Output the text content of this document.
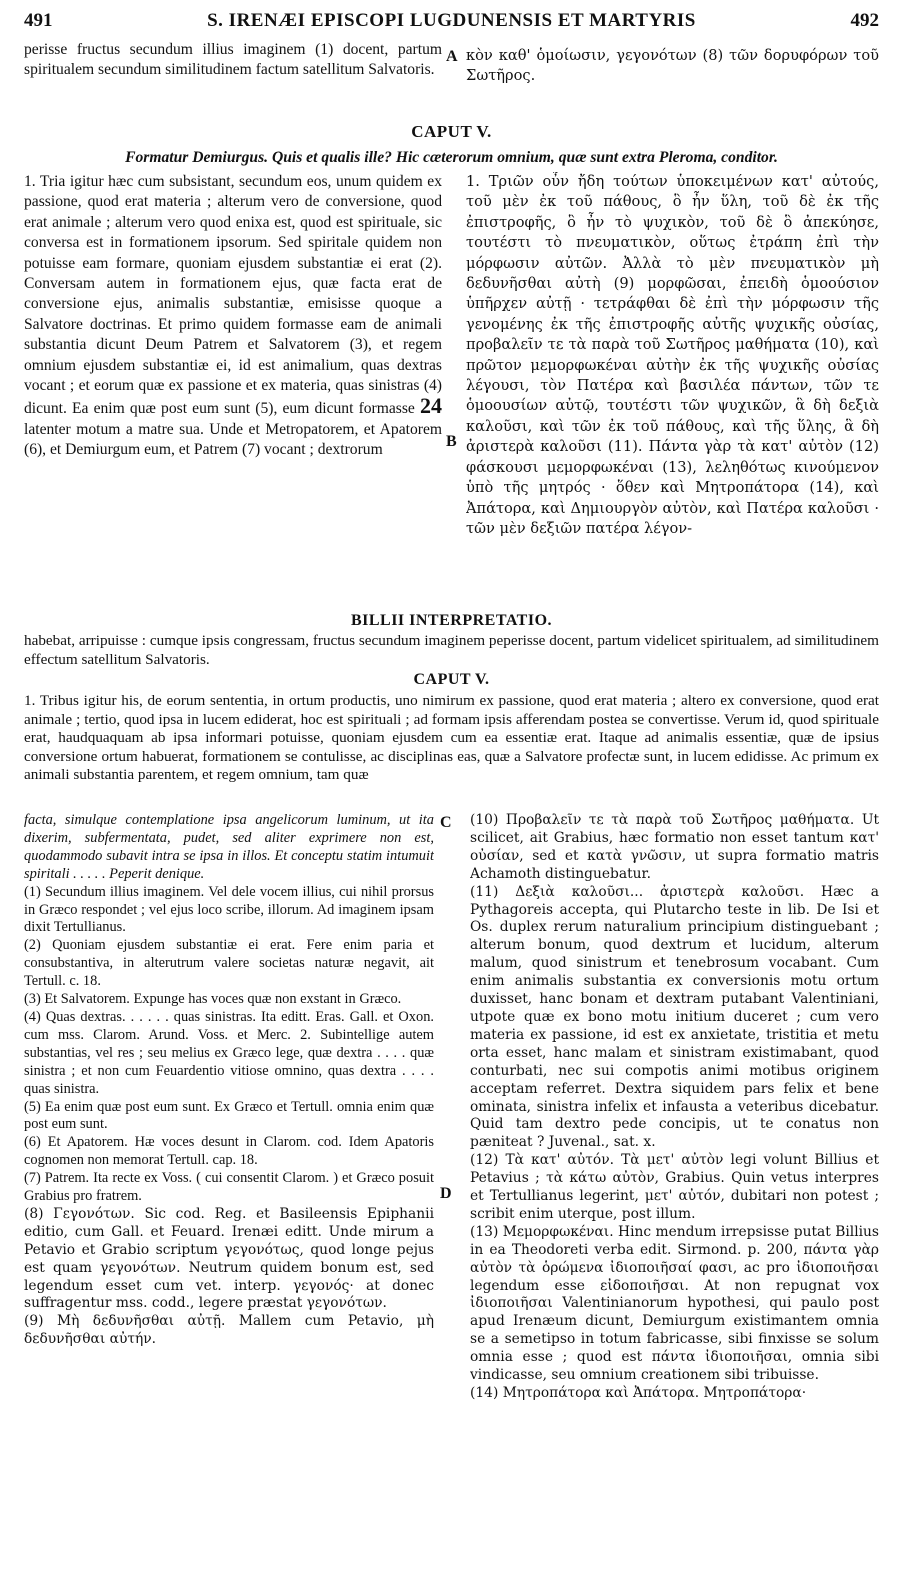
S. IRENÆI EPISCOPI LUGDUNENSIS ET MARTYRIS
491	492
perisse fructus secundum illius imaginem (1) docent, partum spiritualem secundum similitudinem factum satellitum Salvatoris.
A κὸν καθ' ὁμοίωσιν, γεγονότων (8) τῶν δορυφόρων τοῦ Σωτῆρος.
CAPUT V.
Formatur Demiurgus. Quis et qualis ille? Hic cæterorum omnium, quæ sunt extra Pleroma, conditor.
1. Tria igitur hæc cum subsistant, secundum eos, unum quidem ex passione, quod erat materia ; alterum vero de conversione, quod erat animale ; alterum vero quod enixa est, quod est spirituale, sic conversa est in formationem ipsorum. Sed spiritale quidem non potuisse eam formare, quoniam ejusdem substantiæ ei erat (2). Conversam autem in formationem ejus, quæ facta erat de conversione ejus, animalis substantiæ, emisisse quoque a Salvatore doctrinas. Et primo quidem formasse eam de animali substantia dicunt Deum Patrem et Salvatorem (3), et regem omnium ejusdem substantiæ ei, id est animalium, quas dextras vocant ; et eorum quæ ex passione et ex materia, quas sinistras (4) dicunt. Ea enim quæ post eum sunt (5), eum dicunt formasse 24 latenter motum a matre sua. Unde et Metropatorem, et Apatorem (6), et Demiurgum eum, et Patrem (7) vocant ; dextrorum	B
1. Τριῶν οὖν ἤδη τούτων ὑποκειμένων κατ' αὐτούς, τοῦ μὲν ἐκ τοῦ πάθους, ὃ ἦν ὕλη, τοῦ δὲ ἐκ τῆς ἐπιστροφῆς, ὃ ἦν τὸ ψυχικὸν, τοῦ δὲ ὃ ἀπεκύησε, τουτέστι τὸ πνευματικὸν, οὕτως ἐτράπη ἐπὶ τὴν μόρφωσιν αὐτῶν. Ἀλλὰ τὸ μὲν πνευματικὸν μὴ δεδυνῆσθαι αὐτὴ (9) μορφῶσαι, ἐπειδὴ ὁμοούσιον ὑπῆρχεν αὐτῇ · τετράφθαι δὲ ἐπὶ τὴν μόρφωσιν τῆς γενομένης ἐκ τῆς ἐπιστροφῆς αὐτῆς ψυχικῆς οὐσίας, προβαλεῖν τε τὰ παρὰ τοῦ Σωτῆρος μαθήματα (10), καὶ πρῶτον μεμορφωκέναι αὐτὴν ἐκ τῆς ψυχικῆς οὐσίας λέγουσι, τὸν Πατέρα καὶ βασιλέα πάντων, τῶν τε ὁμοουσίων αὐτῷ, τουτέστι τῶν ψυχικῶν, ἃ δὴ δεξιὰ καλοῦσι, καὶ τῶν ἐκ τοῦ πάθους, καὶ τῆς ὕλης, ἃ δὴ ἀριστερὰ καλοῦσι (11). Πάντα γὰρ τὰ κατ' αὐτὸν (12) φάσκουσι μεμορφωκέναι (13), λεληθότως κινούμενον ὑπὸ τῆς μητρός · ὅθεν καὶ Μητροπάτορα (14), καὶ Ἀπάτορα, καὶ Δημιουργὸν αὐτὸν, καὶ Πατέρα καλοῦσι · τῶν μὲν δεξιῶν πατέρα λέγον-
BILLII INTERPRETATIO.
habebat, arripuisse : cumque ipsis congressam, fructus secundum imaginem peperisse docent, partum videlicet spiritualem, ad similitudinem effectum satellitum Salvatoris.
CAPUT V.
1. Tribus igitur his, de eorum sententia, in ortum productis, uno nimirum ex passione, quod erat materia ; altero ex conversione, quod erat animale ; tertio, quod ipsa in lucem ediderat, hoc est spirituali ; ad formam ipsis afferendam postea se convertisse. Verum id, quod spirituale erat, haudquaquam ab ipsa informari potuisse, quoniam ejusdem cum ea essentiæ erat. Itaque ad animalis essentiæ, quæ de ipsius conversione ortum habuerat, formationem se contulisse, ac disciplinas eas, quæ a Salvatore profectæ sunt, in lucem edidisse. Ac primum ex animali substantia parentem, et regem omnium, tam quæ
C
D

facta, simulque contemplatione ipsa angelicorum luminum, ut ita dixerim, subfermentata, pudet, sed aliter exprimere non est, quodammodo subavit intra se ipsa in illos. Et conceptu statim intumuit spiritali . . . . . Peperit denique.

(1) Secundum illius imaginem. Vel dele vocem illius, cui nihil prorsus in Græco respondet ; vel ejus loco scribe, illorum. Ad imaginem ipsam dixit Tertullianus.

(2) Quoniam ejusdem substantiæ ei erat. Fere enim paria et consubstantiva, in alterutrum valere societas naturæ negavit, ait Tertull. c. 18.

(3) Et Salvatorem. Expunge has voces quæ non exstant in Græco.

(4) Quas dextras. . . . . . quas sinistras. Ita editt. Eras. Gall. et Oxon. cum mss. Clarom. Arund. Voss. et Merc. 2. Subintellige autem substantias, vel res ; seu melius ex Græco lege, quæ dextra . . . . quæ sinistra ; et non cum Feuardentio vitiose omnino, quas dextra . . . . quas sinistra.

(5) Ea enim quæ post eum sunt. Ex Græco et Tertull. omnia enim quæ post eum sunt.

(6) Et Apatorem. Hæ voces desunt in Clarom. cod. Idem Apatoris cognomen non memorat Tertull. cap. 18.

(7) Patrem. Ita recte ex Voss. ( cui consentit Clarom. ) et Græco posuit Grabius pro fratrem.

(8) Γεγονότων. Sic cod. Reg. et Basileensis Epiphanii editio, cum Gall. et Feuard. Irenæi editt. Unde mirum a Petavio et Grabio scriptum γεγονότως, quod longe pejus est quam γεγονότων. Neutrum quidem bonum est, sed legendum esset cum vet. interp. γεγονός· at donec suffragentur mss. codd., legere præstat γεγονότων.

(9) Μὴ δεδυνῆσθαι αὐτῇ. Mallem cum Petavio, μὴ δεδυνῆσθαι αὐτήν.

(10) Προβαλεῖν τε τὰ παρὰ τοῦ Σωτῆρος μαθήματα. Ut scilicet, ait Grabius, hæc formatio non esset tantum κατ' οὐσίαν, sed et κατὰ γνῶσιν, ut supra formatio matris Achamoth distinguebatur.

(11) Δεξιὰ καλοῦσι... ἀριστερὰ καλοῦσι. Hæc a Pythagoreis accepta, qui Plutarcho teste in lib. De Isi et Os. duplex rerum naturalium principium distinguebant ; alterum bonum, quod dextrum et lucidum, alterum malum, quod sinistrum et tenebrosum vocabant. Cum enim animalis substantia ex conversionis motu ortum duxisset, hanc bonam et dextram putabant Valentiniani, utpote quæ ex bono motu initium duceret ; cum vero materia ex passione, id est ex anxietate, tristitia et metu orta esset, hanc malam et sinistram existimabant, quod conturbati, nec sui compotis animi motibus originem acceptam referret. Dextra siquidem pars felix et bene ominata, sinistra infelix et infausta a veteribus dicebatur. Quid tam dextro pede concipis, ut te conatus non pæniteat ? Juvenal., sat. x.

(12) Τὰ κατ' αὐτόν. Τὰ μετ' αὐτὸν legi volunt Billius et Petavius ; τὰ κάτω αὐτὸν, Grabius. Quin vetus interpres et Tertullianus legerint, μετ' αὐτόν, dubitari non potest ; scribit enim uterque, post illum.

(13) Μεμορφωκέναι. Hinc mendum irrepsisse putat Billius in ea Theodoreti verba edit. Sirmond. p. 200, πάντα γὰρ αὐτὸν τὰ ὁρώμενα ἰδιοποιῆσαί φασι, ac pro ἰδιοποιῆσαι legendum esse εἰδοποιῆσαι. At non repugnat vox ἰδιοποιῆσαι Valentinianorum hypothesi, qui paulo post apud Irenæum dicunt, Demiurgum existimantem omnia se a semetipso in totum fabricasse, sibi finxisse se solum omnia esse ; quod est πάντα ἰδιοποιῆσαι, omnia sibi vindicasse, seu omnium creationem sibi tribuisse.

(14) Μητροπάτορα καὶ Ἀπάτορα. Μητροπάτορα·
